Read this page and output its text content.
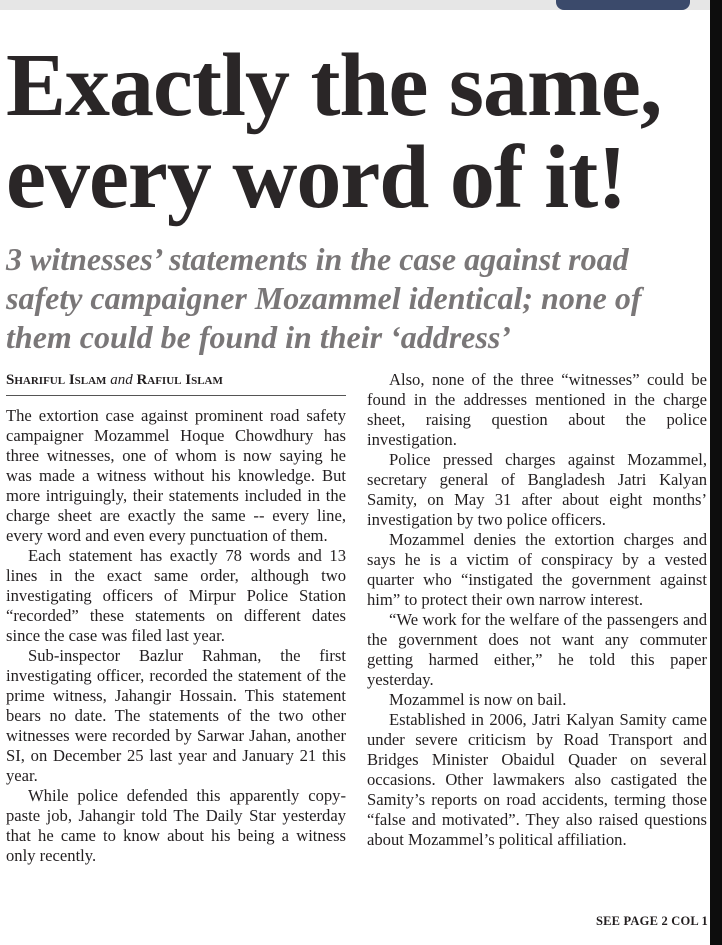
Exactly the same,
every word of it!
3 witnesses’ statements in the case against road safety campaigner Mozammel identical; none of them could be found in their ‘address’
Shariful Islam and Rafiul Islam

The extortion case against prominent road safety campaigner Mozammel Hoque Chowdhury has three witnesses, one of whom is now saying he was made a witness without his knowledge. But more intriguingly, their statements included in the charge sheet are exactly the same -- every line, every word and even every punctuation of them.

Each statement has exactly 78 words and 13 lines in the exact same order, although two investigating officers of Mirpur Police Station “recorded” these statements on different dates since the case was filed last year.

Sub-inspector Bazlur Rahman, the first investigating officer, recorded the statement of the prime witness, Jahangir Hossain. This statement bears no date. The statements of the two other witnesses were recorded by Sarwar Jahan, another SI, on December 25 last year and January 21 this year.

While police defended this apparently copy-paste job, Jahangir told The Daily Star yesterday that he came to know about his being a witness only recently.

Also, none of the three “witnesses” could be found in the addresses mentioned in the charge sheet, raising question about the police investigation.

Police pressed charges against Mozammel, secretary general of Bangladesh Jatri Kalyan Samity, on May 31 after about eight months’ investigation by two police officers.

Mozammel denies the extortion charges and says he is a victim of conspiracy by a vested quarter who “instigated the government against him” to protect their own narrow interest.

“We work for the welfare of the passengers and the government does not want any commuter getting harmed either,” he told this paper yesterday.

Mozammel is now on bail.

Established in 2006, Jatri Kalyan Samity came under severe criticism by Road Transport and Bridges Minister Obaidul Quader on several occasions. Other lawmakers also castigated the Samity’s reports on road accidents, terming those “false and motivated”. They also raised questions about Mozammel’s political affiliation.

SEE PAGE 2 COL 1
